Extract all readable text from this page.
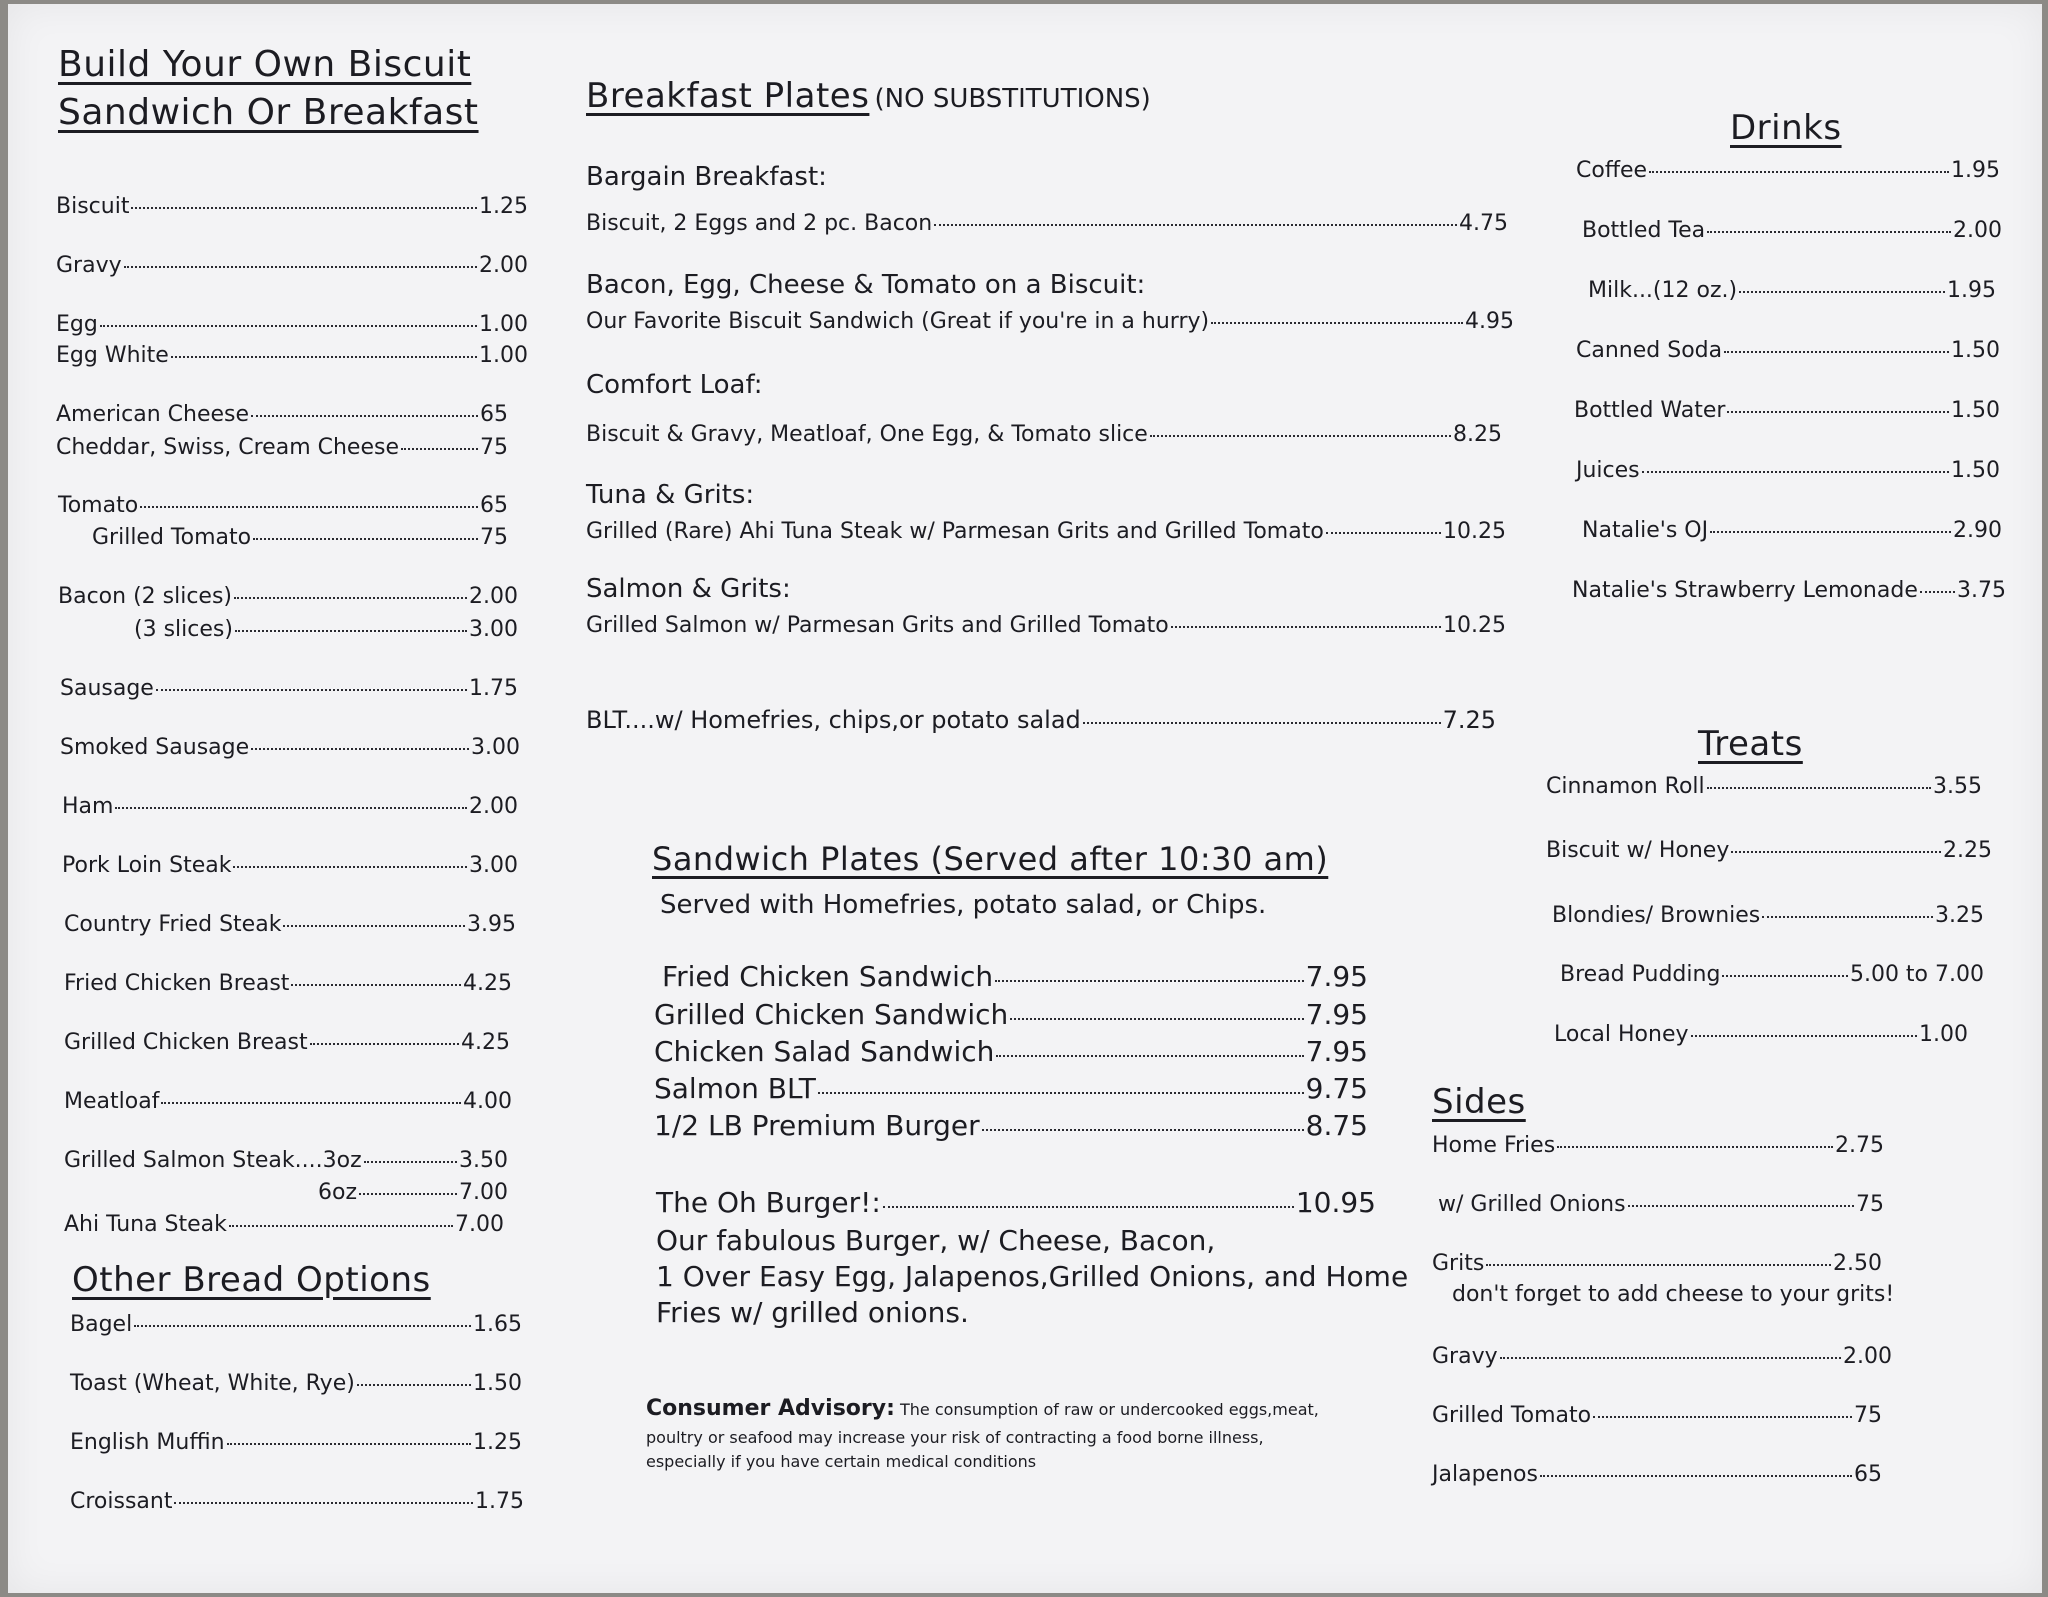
Build Your Own Biscuit
Sandwich Or Breakfast
Biscuit	1.25
Gravy	2.00
Egg	1.00
Egg White	1.00
American Cheese	65
Cheddar, Swiss, Cream Cheese	75
Tomato	65
Grilled Tomato	75
Bacon (2 slices)	2.00
(3 slices)	3.00
Sausage	1.75
Smoked Sausage	3.00
Ham	2.00
Pork Loin Steak	3.00
Country Fried Steak	3.95
Fried Chicken Breast	4.25
Grilled Chicken Breast	4.25
Meatloaf	4.00
Grilled Salmon Steak....3oz	3.50
6oz	7.00
Ahi Tuna Steak	7.00
Other Bread Options
Bagel	1.65
Toast (Wheat, White, Rye)	1.50
English Muffin	1.25
Croissant	1.75
Breakfast Plates (NO SUBSTITUTIONS)
Bargain Breakfast:
Biscuit, 2 Eggs and 2 pc. Bacon	4.75
Bacon, Egg, Cheese & Tomato on a Biscuit:
Our Favorite Biscuit Sandwich (Great if you're in a hurry)	4.95
Comfort Loaf:
Biscuit & Gravy, Meatloaf, One Egg, & Tomato slice	8.25
Tuna & Grits:
Grilled (Rare) Ahi Tuna Steak w/ Parmesan Grits and Grilled Tomato	10.25
Salmon & Grits:
Grilled Salmon w/ Parmesan Grits and Grilled Tomato	10.25
BLT....w/ Homefries, chips,or potato salad	7.25
Sandwich Plates (Served after 10:30 am)
Served with Homefries, potato salad, or Chips.
Fried Chicken Sandwich	7.95
Grilled Chicken Sandwich	7.95
Chicken Salad Sandwich	7.95
Salmon BLT	9.75
1/2 LB Premium Burger	8.75
The Oh Burger!:	10.95
Our fabulous Burger, w/ Cheese, Bacon,
1 Over Easy Egg, Jalapenos,Grilled Onions, and Home
Fries w/ grilled onions.
Consumer Advisory: The consumption of raw or undercooked eggs,meat,
poultry or seafood may increase your risk of contracting a food borne illness,
especially if you have certain medical conditions
Drinks
Coffee	1.95
Bottled Tea	2.00
Milk...(12 oz.)	1.95
Canned Soda	1.50
Bottled Water	1.50
Juices	1.50
Natalie's OJ	2.90
Natalie's Strawberry Lemonade 3.75
Treats
Cinnamon Roll	3.55
Biscuit w/ Honey	2.25
Blondies/ Brownies	3.25
Bread Pudding	5.00 to 7.00
Local Honey	1.00
Sides
Home Fries	2.75
w/ Grilled Onions	75
Grits	2.50
don't forget to add cheese to your grits!
Gravy	2.00
Grilled Tomato	75
Jalapenos	65
